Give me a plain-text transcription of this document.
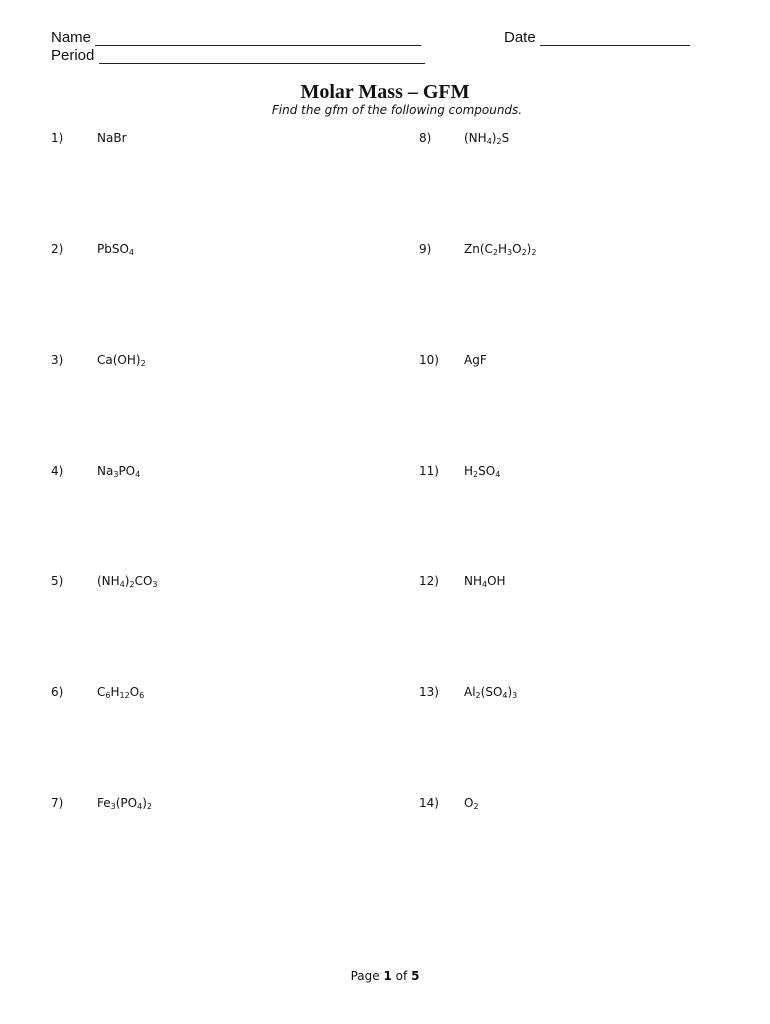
Name
Period
Date
Molar Mass – GFM
Find the gfm of the following compounds.
1)	NaBr
2)	PbSO$_4$
3)	$Ca(OH)_2$
4)	$Na_3PO_4$
5)	$(NH_4)_2CO_3$
6)	$C_6H_{12}O_6$
7)	$Fe_3(PO_4)_2$
8)	$(NH_4)_2S$
9)	$Zn(C_2H_3O_2)_2$
10) AgF
11) $H_2SO_4$
12) $NH_4OH$
13) $Al_2(SO_4)_3$
14) $O_2$
Page 1 of 5
